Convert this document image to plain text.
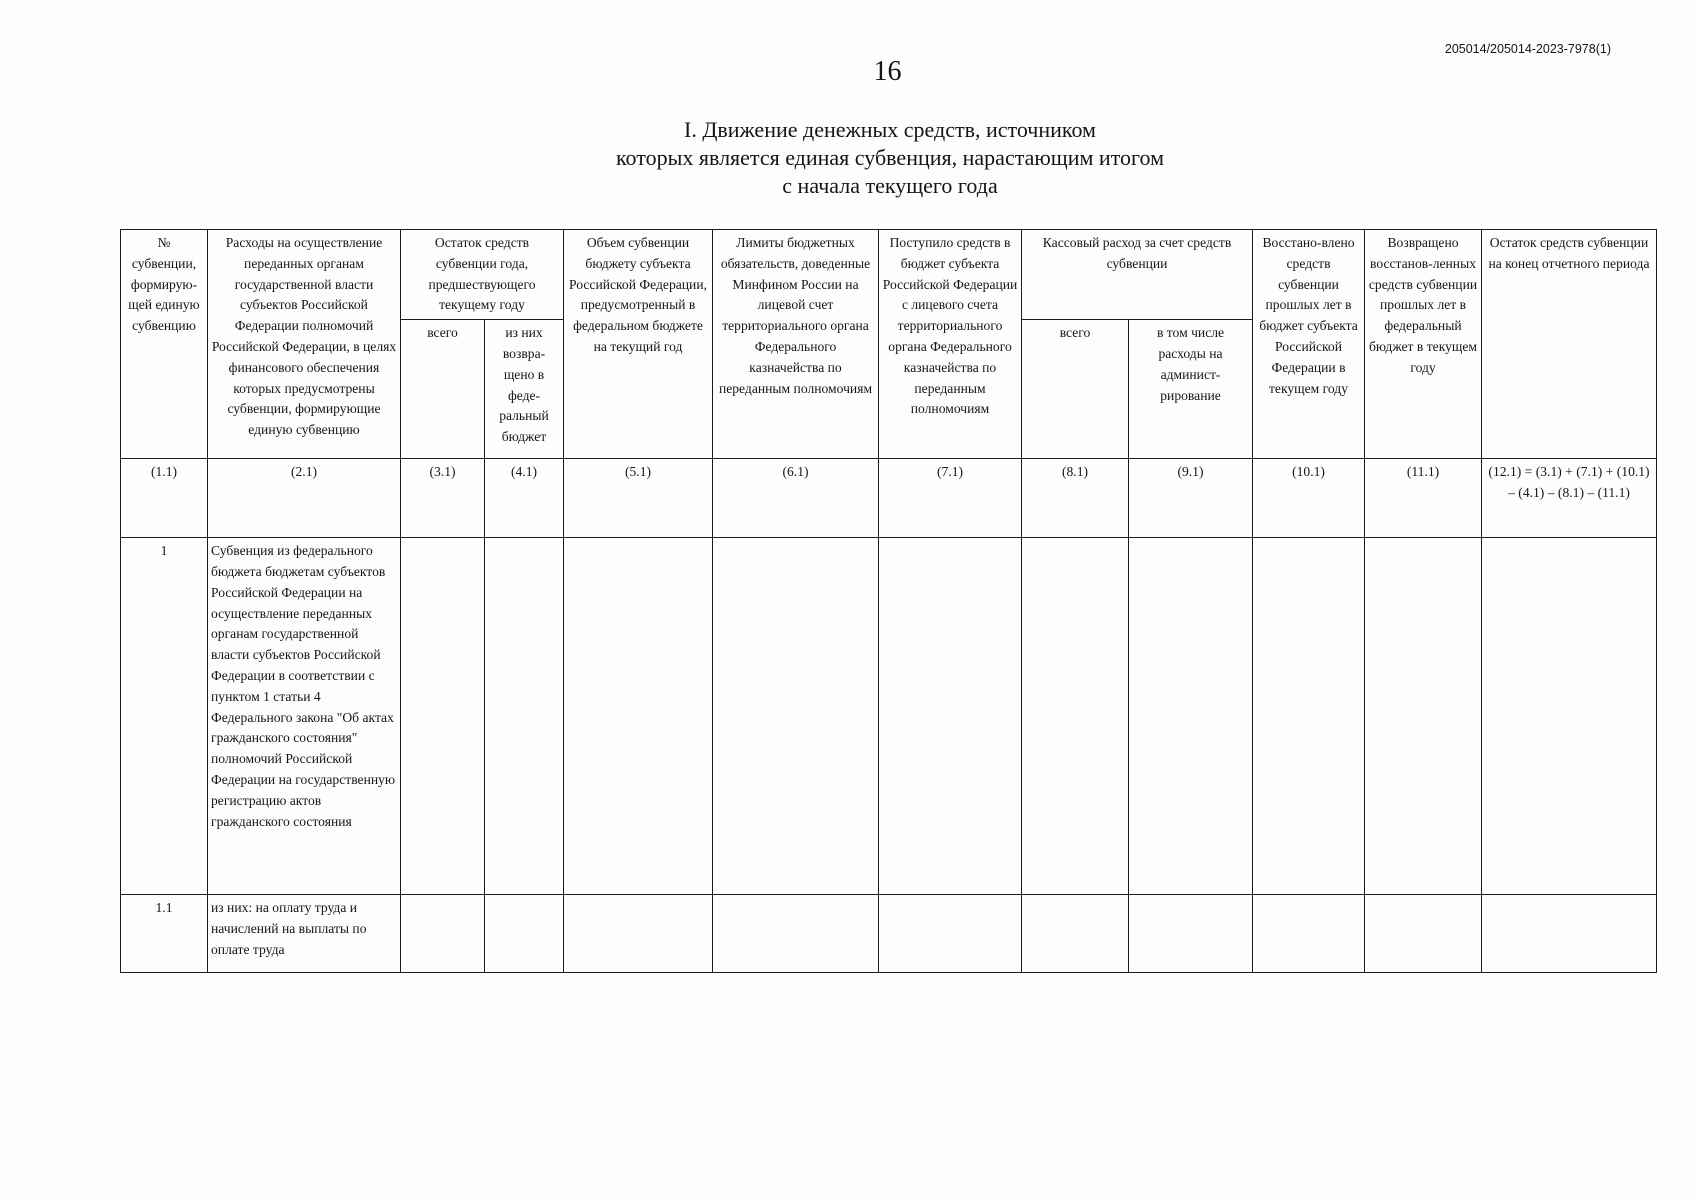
205014/205014-2023-7978(1)
16
I. Движение денежных средств, источником
которых является единая субвенция, нарастающим итогом
с начала текущего года
№ субвенции, формирую-щей единую субвенцию	Расходы на осуществление переданных органам государственной власти субъектов Российской Федерации полномочий Российской Федерации, в целях финансового обеспечения которых предусмотрены субвенции, формирующие единую субвенцию	Остаток средств субвенции года, предшествующего текущему году		Объем субвенции бюджету субъекта Российской Федерации, предусмотренный в федеральном бюджете на текущий год	Лимиты бюджетных обязательств, доведенные Минфином России на лицевой счет территориального органа Федерального казначейства по переданным полномочиям	Поступило средств в бюджет субъекта Российской Федерации с лицевого счета территориального органа Федерального казначейства по переданным полномочиям	Кассовый расход за счет средств субвенции		Восстано-влено средств субвенции прошлых лет в бюджет субъекта Российской Федерации в текущем году	Возвращено восстанов-ленных средств субвенции прошлых лет в федеральный бюджет в текущем году	Остаток средств субвенции на конец отчетного периода
		всего	из них возвра-щено в феде-ральный бюджет				всего	в том числе расходы на админист-рирование			
(1.1)	(2.1)	(3.1)	(4.1)	(5.1)	(6.1)	(7.1)	(8.1)	(9.1)	(10.1)	(11.1)	(12.1) = (3.1) + (7.1) + (10.1) – (4.1) – (8.1) – (11.1)
1	Субвенция из федерального бюджета бюджетам субъектов Российской Федерации на осуществление переданных органам государственной власти субъектов Российской Федерации в соответствии с пунктом 1 статьи 4 Федерального закона "Об актах гражданского состояния" полномочий Российской Федерации на государственную регистрацию актов гражданского состояния										
1.1	из них: на оплату труда и начислений на выплаты по оплате труда										
